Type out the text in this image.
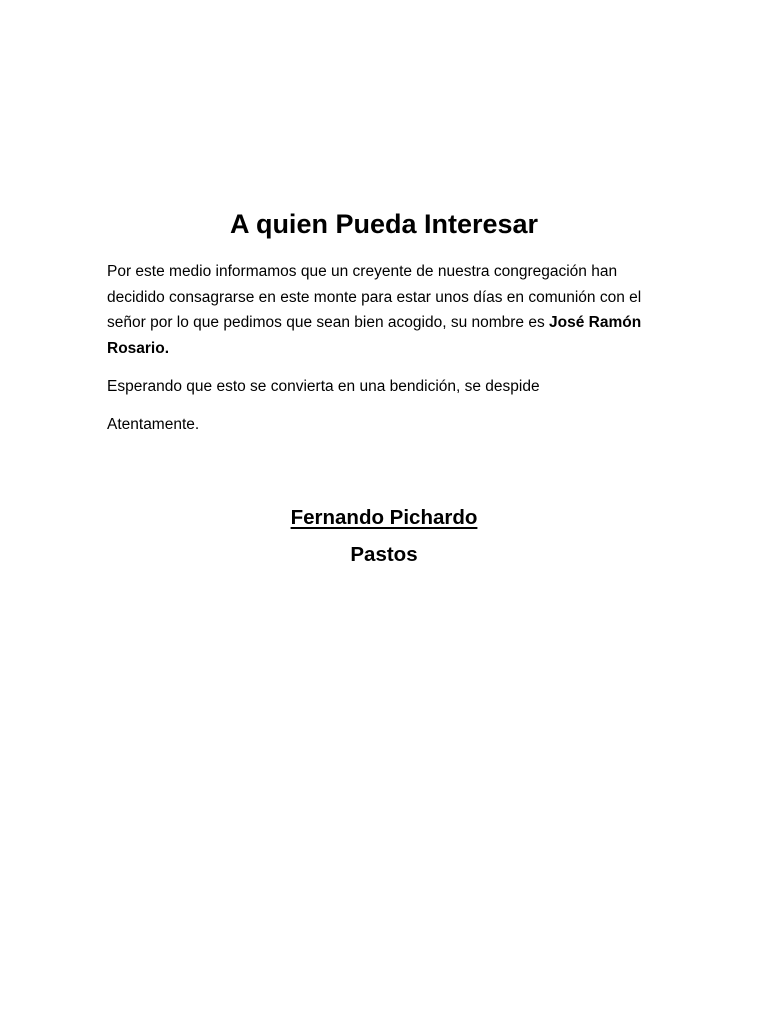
A quien Pueda Interesar

Por este medio informamos que un creyente de nuestra congregación han decidido consagrarse en este monte para estar unos días en comunión con el señor por lo que pedimos que sean bien acogido, su nombre es José Ramón Rosario.

Esperando que esto se convierta en una bendición, se despide

Atentamente.

Fernando Pichardo

Pastos
